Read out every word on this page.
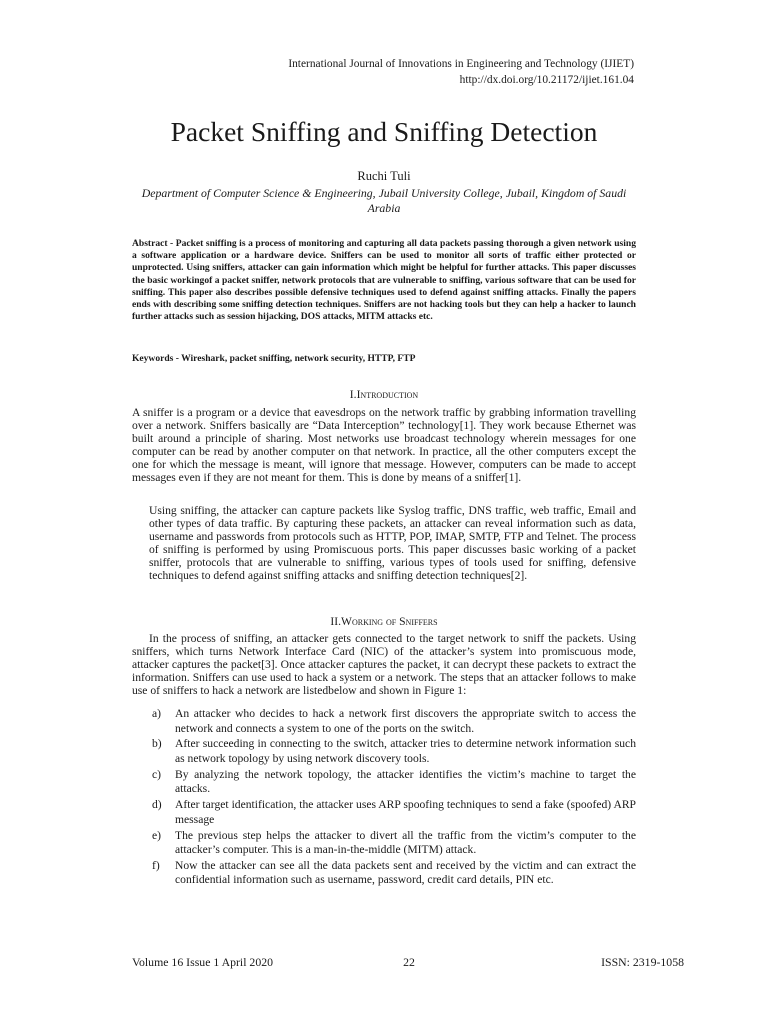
International Journal of Innovations in Engineering and Technology (IJIET)
http://dx.doi.org/10.21172/ijiet.161.04
Packet Sniffing and Sniffing Detection
Ruchi Tuli
Department of Computer Science & Engineering, Jubail University College, Jubail, Kingdom of Saudi Arabia
Abstract - Packet sniffing is a process of monitoring and capturing all data packets passing thorough a given network using a software application or a hardware device. Sniffers can be used to monitor all sorts of traffic either protected or unprotected. Using sniffers, attacker can gain information which might be helpful for further attacks. This paper discusses the basic workingof a packet sniffer, network protocols that are vulnerable to sniffing, various software that can be used for sniffing. This paper also describes possible defensive techniques used to defend against sniffing attacks. Finally the papers ends with describing some sniffing detection techniques. Sniffers are not hacking tools but they can help a hacker to launch further attacks such as session hijacking, DOS attacks, MITM attacks etc.
Keywords - Wireshark, packet sniffing, network security, HTTP, FTP
I.Introduction
A sniffer is a program or a device that eavesdrops on the network traffic by grabbing information travelling over a network. Sniffers basically are “Data Interception” technology[1]. They work because Ethernet was built around a principle of sharing. Most networks use broadcast technology wherein messages for one computer can be read by another computer on that network. In practice, all the other computers except the one for which the message is meant, will ignore that message. However, computers can be made to accept messages even if they are not meant for them. This is done by means of a sniffer[1].
Using sniffing, the attacker can capture packets like Syslog traffic, DNS traffic, web traffic, Email and other types of data traffic. By capturing these packets, an attacker can reveal information such as data, username and passwords from protocols such as HTTP, POP, IMAP, SMTP, FTP and Telnet. The process of sniffing is performed by using Promiscuous ports. This paper discusses basic working of a packet sniffer, protocols that are vulnerable to sniffing, various types of tools used for sniffing, defensive techniques to defend against sniffing attacks and sniffing detection techniques[2].
II.Working of Sniffers
In the process of sniffing, an attacker gets connected to the target network to sniff the packets. Using sniffers, which turns Network Interface Card (NIC) of the attacker’s system into promiscuous mode, attacker captures the packet[3]. Once attacker captures the packet, it can decrypt these packets to extract the information. Sniffers can use used to hack a system or a network. The steps that an attacker follows to make use of sniffers to hack a network are listedbelow and shown in Figure 1:
a) An attacker who decides to hack a network first discovers the appropriate switch to access the network and connects a system to one of the ports on the switch.
b) After succeeding in connecting to the switch, attacker tries to determine network information such as network topology by using network discovery tools.
c) By analyzing the network topology, the attacker identifies the victim’s machine to target the attacks.
d) After target identification, the attacker uses ARP spoofing techniques to send a fake (spoofed) ARP message
e) The previous step helps the attacker to divert all the traffic from the victim’s computer to the attacker’s computer. This is a man-in-the-middle (MITM) attack.
f) Now the attacker can see all the data packets sent and received by the victim and can extract the confidential information such as username, password, credit card details, PIN etc.
Volume 16 Issue 1 April 2020	22	ISSN: 2319-1058
